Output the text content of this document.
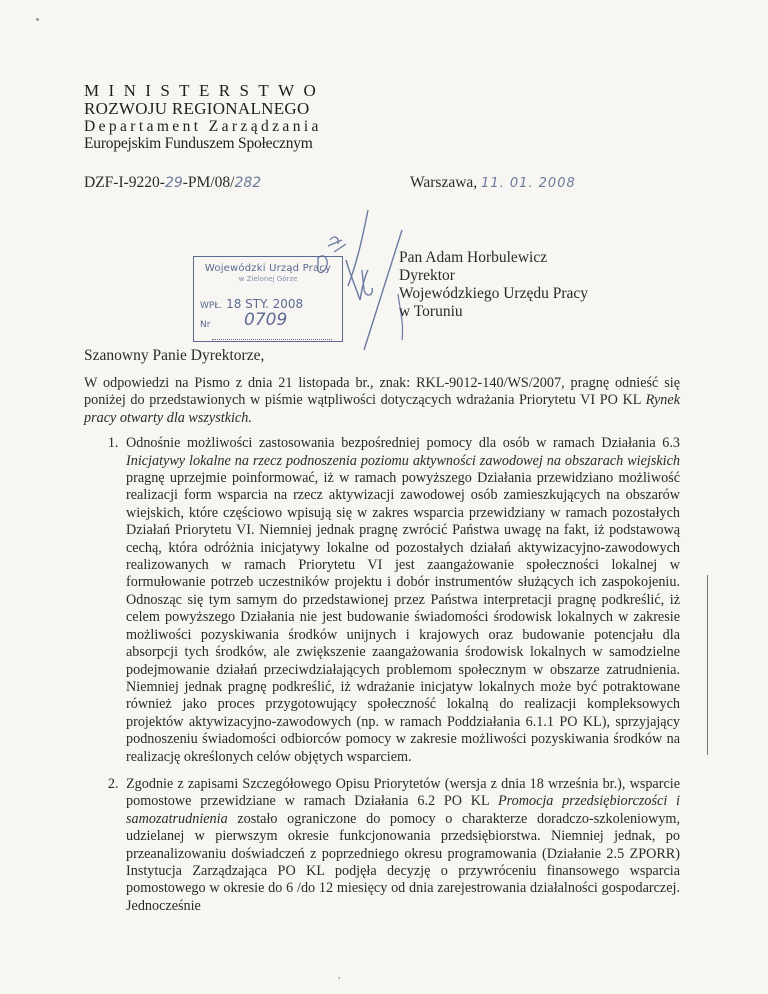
MINISTERSTWO
ROZWOJU REGIONALNEGO
Departament Zarządzania
Europejskim Funduszem Społecznym
DZF-I-9220-29-PM/08/282	Warszawa, 11. 01. 2008
Wojewódzki Urząd Pracy
w Zielonej Górze
WPŁ. 18 STY. 2008
Nr 0709
Pan Adam Horbulewicz
Dyrektor
Wojewódzkiego Urzędu Pracy
w Toruniu
Szanowny Panie Dyrektorze,

W odpowiedzi na Pismo z dnia 21 listopada br., znak: RKL-9012-140/WS/2007, pragnę odnieść się poniżej do przedstawionych w piśmie wątpliwości dotyczących wdrażania Priorytetu VI PO KL Rynek pracy otwarty dla wszystkich.

1. Odnośnie możliwości zastosowania bezpośredniej pomocy dla osób w ramach Działania 6.3 Inicjatywy lokalne na rzecz podnoszenia poziomu aktywności zawodowej na obszarach wiejskich pragnę uprzejmie poinformować, iż w ramach powyższego Działania przewidziano możliwość realizacji form wsparcia na rzecz aktywizacji zawodowej osób zamieszkujących na obszarów wiejskich, które częściowo wpisują się w zakres wsparcia przewidziany w ramach pozostałych Działań Priorytetu VI. Niemniej jednak pragnę zwrócić Państwa uwagę na fakt, iż podstawową cechą, która odróżnia inicjatywy lokalne od pozostałych działań aktywizacyjno-zawodowych realizowanych w ramach Priorytetu VI jest zaangażowanie społeczności lokalnej w formułowanie potrzeb uczestników projektu i dobór instrumentów służących ich zaspokojeniu. Odnosząc się tym samym do przedstawionej przez Państwa interpretacji pragnę podkreślić, iż celem powyższego Działania nie jest budowanie świadomości środowisk lokalnych w zakresie możliwości pozyskiwania środków unijnych i krajowych oraz budowanie potencjału dla absorpcji tych środków, ale zwiększenie zaangażowania środowisk lokalnych w samodzielne podejmowanie działań przeciwdziałających problemom społecznym w obszarze zatrudnienia. Niemniej jednak pragnę podkreślić, iż wdrażanie inicjatyw lokalnych może być potraktowane również jako proces przygotowujący społeczność lokalną do realizacji kompleksowych projektów aktywizacyjno-zawodowych (np. w ramach Poddziałania 6.1.1 PO KL), sprzyjający podnoszeniu świadomości odbiorców pomocy w zakresie możliwości pozyskiwania środków na realizację określonych celów objętych wsparciem.
2. Zgodnie z zapisami Szczegółowego Opisu Priorytetów (wersja z dnia 18 września br.), wsparcie pomostowe przewidziane w ramach Działania 6.2 PO KL Promocja przedsiębiorczości i samozatrudnienia zostało ograniczone do pomocy o charakterze doradczo-szkoleniowym, udzielanej w pierwszym okresie funkcjonowania przedsiębiorstwa. Niemniej jednak, po przeanalizowaniu doświadczeń z poprzedniego okresu programowania (Działanie 2.5 ZPORR) Instytucja Zarządzająca PO KL podjęła decyzję o przywróceniu finansowego wsparcia pomostowego w okresie do 6 /do 12 miesięcy od dnia zarejestrowania działalności gospodarczej. Jednocześnie
,
